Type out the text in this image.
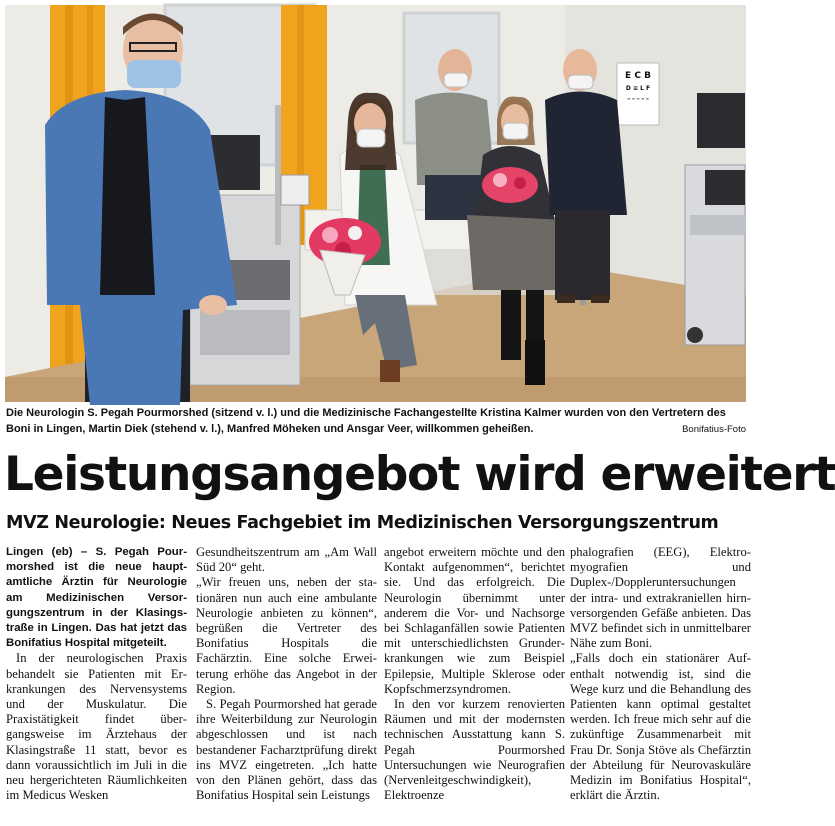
E C B
D ≡ L F
≡ ≡ ≡ ≡ ≡
Die Neurologin S. Pegah Pourmorshed (sitzend v. l.) und die Medizinische Fachangestellte Kristina Kalmer wurden von den Vertretern des Boni in Lingen, Martin Diek (stehend v. l.), Manfred Möheken und Ansgar Veer, willkommen geheißen.	Bonifatius-Foto
Leistungsangebot wird erweitert
MVZ Neurologie: Neues Fachgebiet im Medizinischen Versorgungszentrum

Lingen (eb) – S. Pegah Pourmorshed ist die neue hauptamtliche Ärztin für Neurologie am Medizinischen Versorgungszentrum in der Klasingstraße in Lingen. Das hat jetzt das Bonifatius Hospital mitgeteilt.

In der neurologischen Praxis behandelt sie Patienten mit Erkrankungen des Nervensystems und der Muskulatur. Die Praxistätigkeit findet übergangsweise im Ärztehaus der Klasingstraße 11 statt, bevor es dann voraussichtlich im Juli in die neu hergerichteten Räumlichkeiten im Medicus Wesken

Gesundheitszentrum am „Am Wall Süd 20“ geht.

„Wir freuen uns, neben der stationären nun auch eine ambulante Neurologie anbieten zu können“, begrüßen die Vertreter des Bonifatius Hospitals die Fachärztin. Eine solche Erweiterung erhöhe das Angebot in der Region.

S. Pegah Pourmorshed hat gerade ihre Weiterbildung zur Neurologin abgeschlossen und ist nach bestandener Facharztprüfung direkt ins MVZ eingetreten. „Ich hatte von den Plänen gehört, dass das Bonifatius Hospital sein Leistungs

angebot erweitern möchte und den Kontakt aufgenommen“, berichtet sie. Und das erfolgreich. Die Neurologin übernimmt unter anderem die Vor- und Nachsorge bei Schlaganfällen sowie Patienten mit unterschiedlichsten Grunderkrankungen wie zum Beispiel Epilepsie, Multiple Sklerose oder Kopfschmerzsyndromen.

In den vor kurzem renovierten Räumen und mit der modernsten technischen Ausstattung kann S. Pegah Pourmorshed Untersuchungen wie Neurografien (Nervenleitgeschwindigkeit), Elektroenze

phalografien (EEG), Elektromyografien und Duplex-/Doppleruntersuchungen der intra- und extrakraniellen hirnversorgenden Gefäße anbieten. Das MVZ befindet sich in unmittelbarer Nähe zum Boni.

„Falls doch ein stationärer Aufenthalt notwendig ist, sind die Wege kurz und die Behandlung des Patienten kann optimal gestaltet werden. Ich freue mich sehr auf die zukünftige Zusammenarbeit mit Frau Dr. Sonja Stöve als Chefärztin der Abteilung für Neurovaskuläre Medizin im Bonifatius Hospital“, erklärt die Ärztin.
